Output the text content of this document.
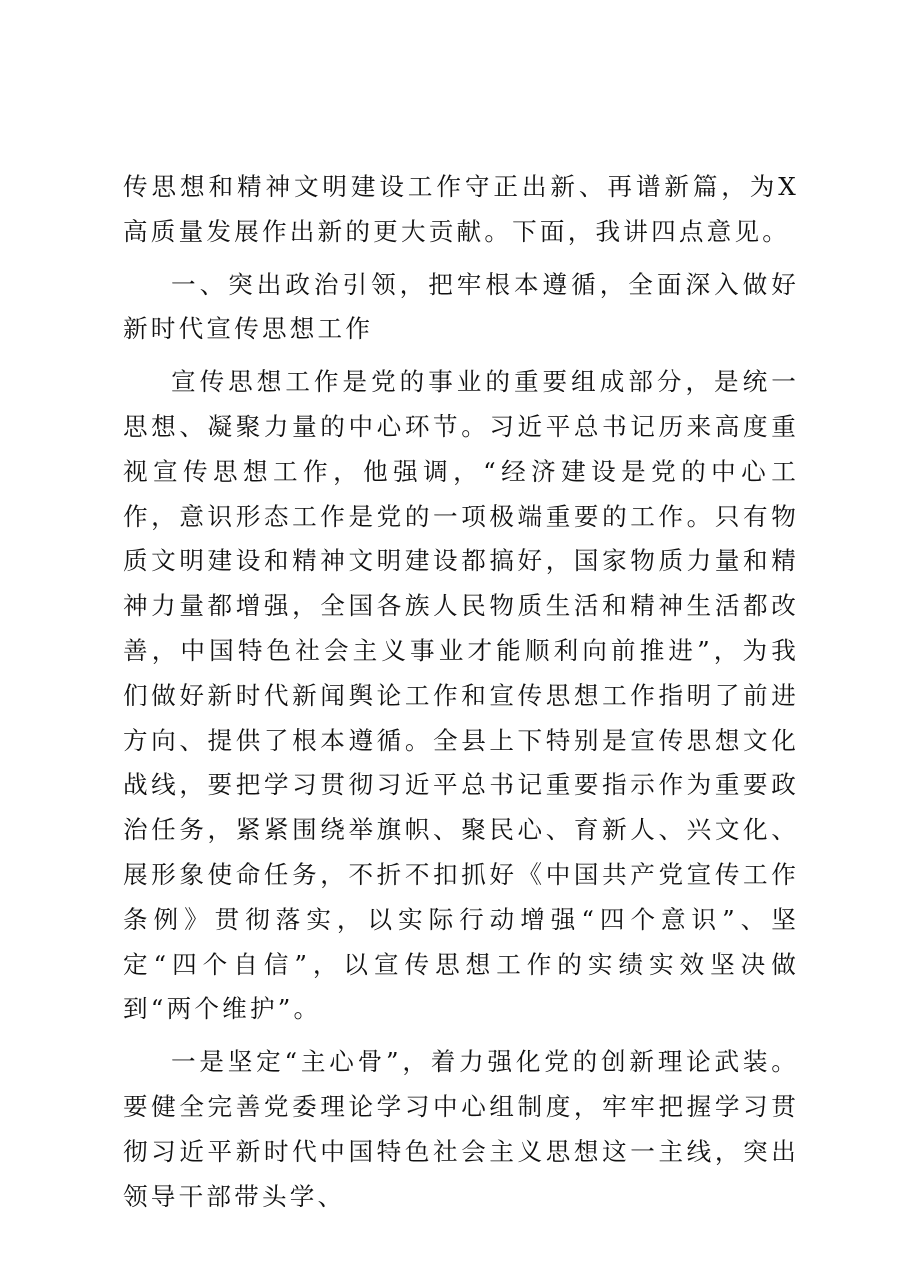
传思想和精神文明建设工作守正出新、再谱新篇，为X高质量发展作出新的更大贡献。下面，我讲四点意见。

一、突出政治引领，把牢根本遵循，全面深入做好新时代宣传思想工作

宣传思想工作是党的事业的重要组成部分，是统一思想、凝聚力量的中心环节。习近平总书记历来高度重视宣传思想工作，他强调，“经济建设是党的中心工作，意识形态工作是党的一项极端重要的工作。只有物质文明建设和精神文明建设都搞好，国家物质力量和精神力量都增强，全国各族人民物质生活和精神生活都改善，中国特色社会主义事业才能顺利向前推进”，为我们做好新时代新闻舆论工作和宣传思想工作指明了前进方向、提供了根本遵循。全县上下特别是宣传思想文化战线，要把学习贯彻习近平总书记重要指示作为重要政治任务，紧紧围绕举旗帜、聚民心、育新人、兴文化、展形象使命任务，不折不扣抓好《中国共产党宣传工作条例》贯彻落实，以实际行动增强“四个意识”、坚定“四个自信”，以宣传思想工作的实绩实效坚决做到“两个维护”。

一是坚定“主心骨”，着力强化党的创新理论武装。要健全完善党委理论学习中心组制度，牢牢把握学习贯彻习近平新时代中国特色社会主义思想这一主线，突出领导干部带头学、
